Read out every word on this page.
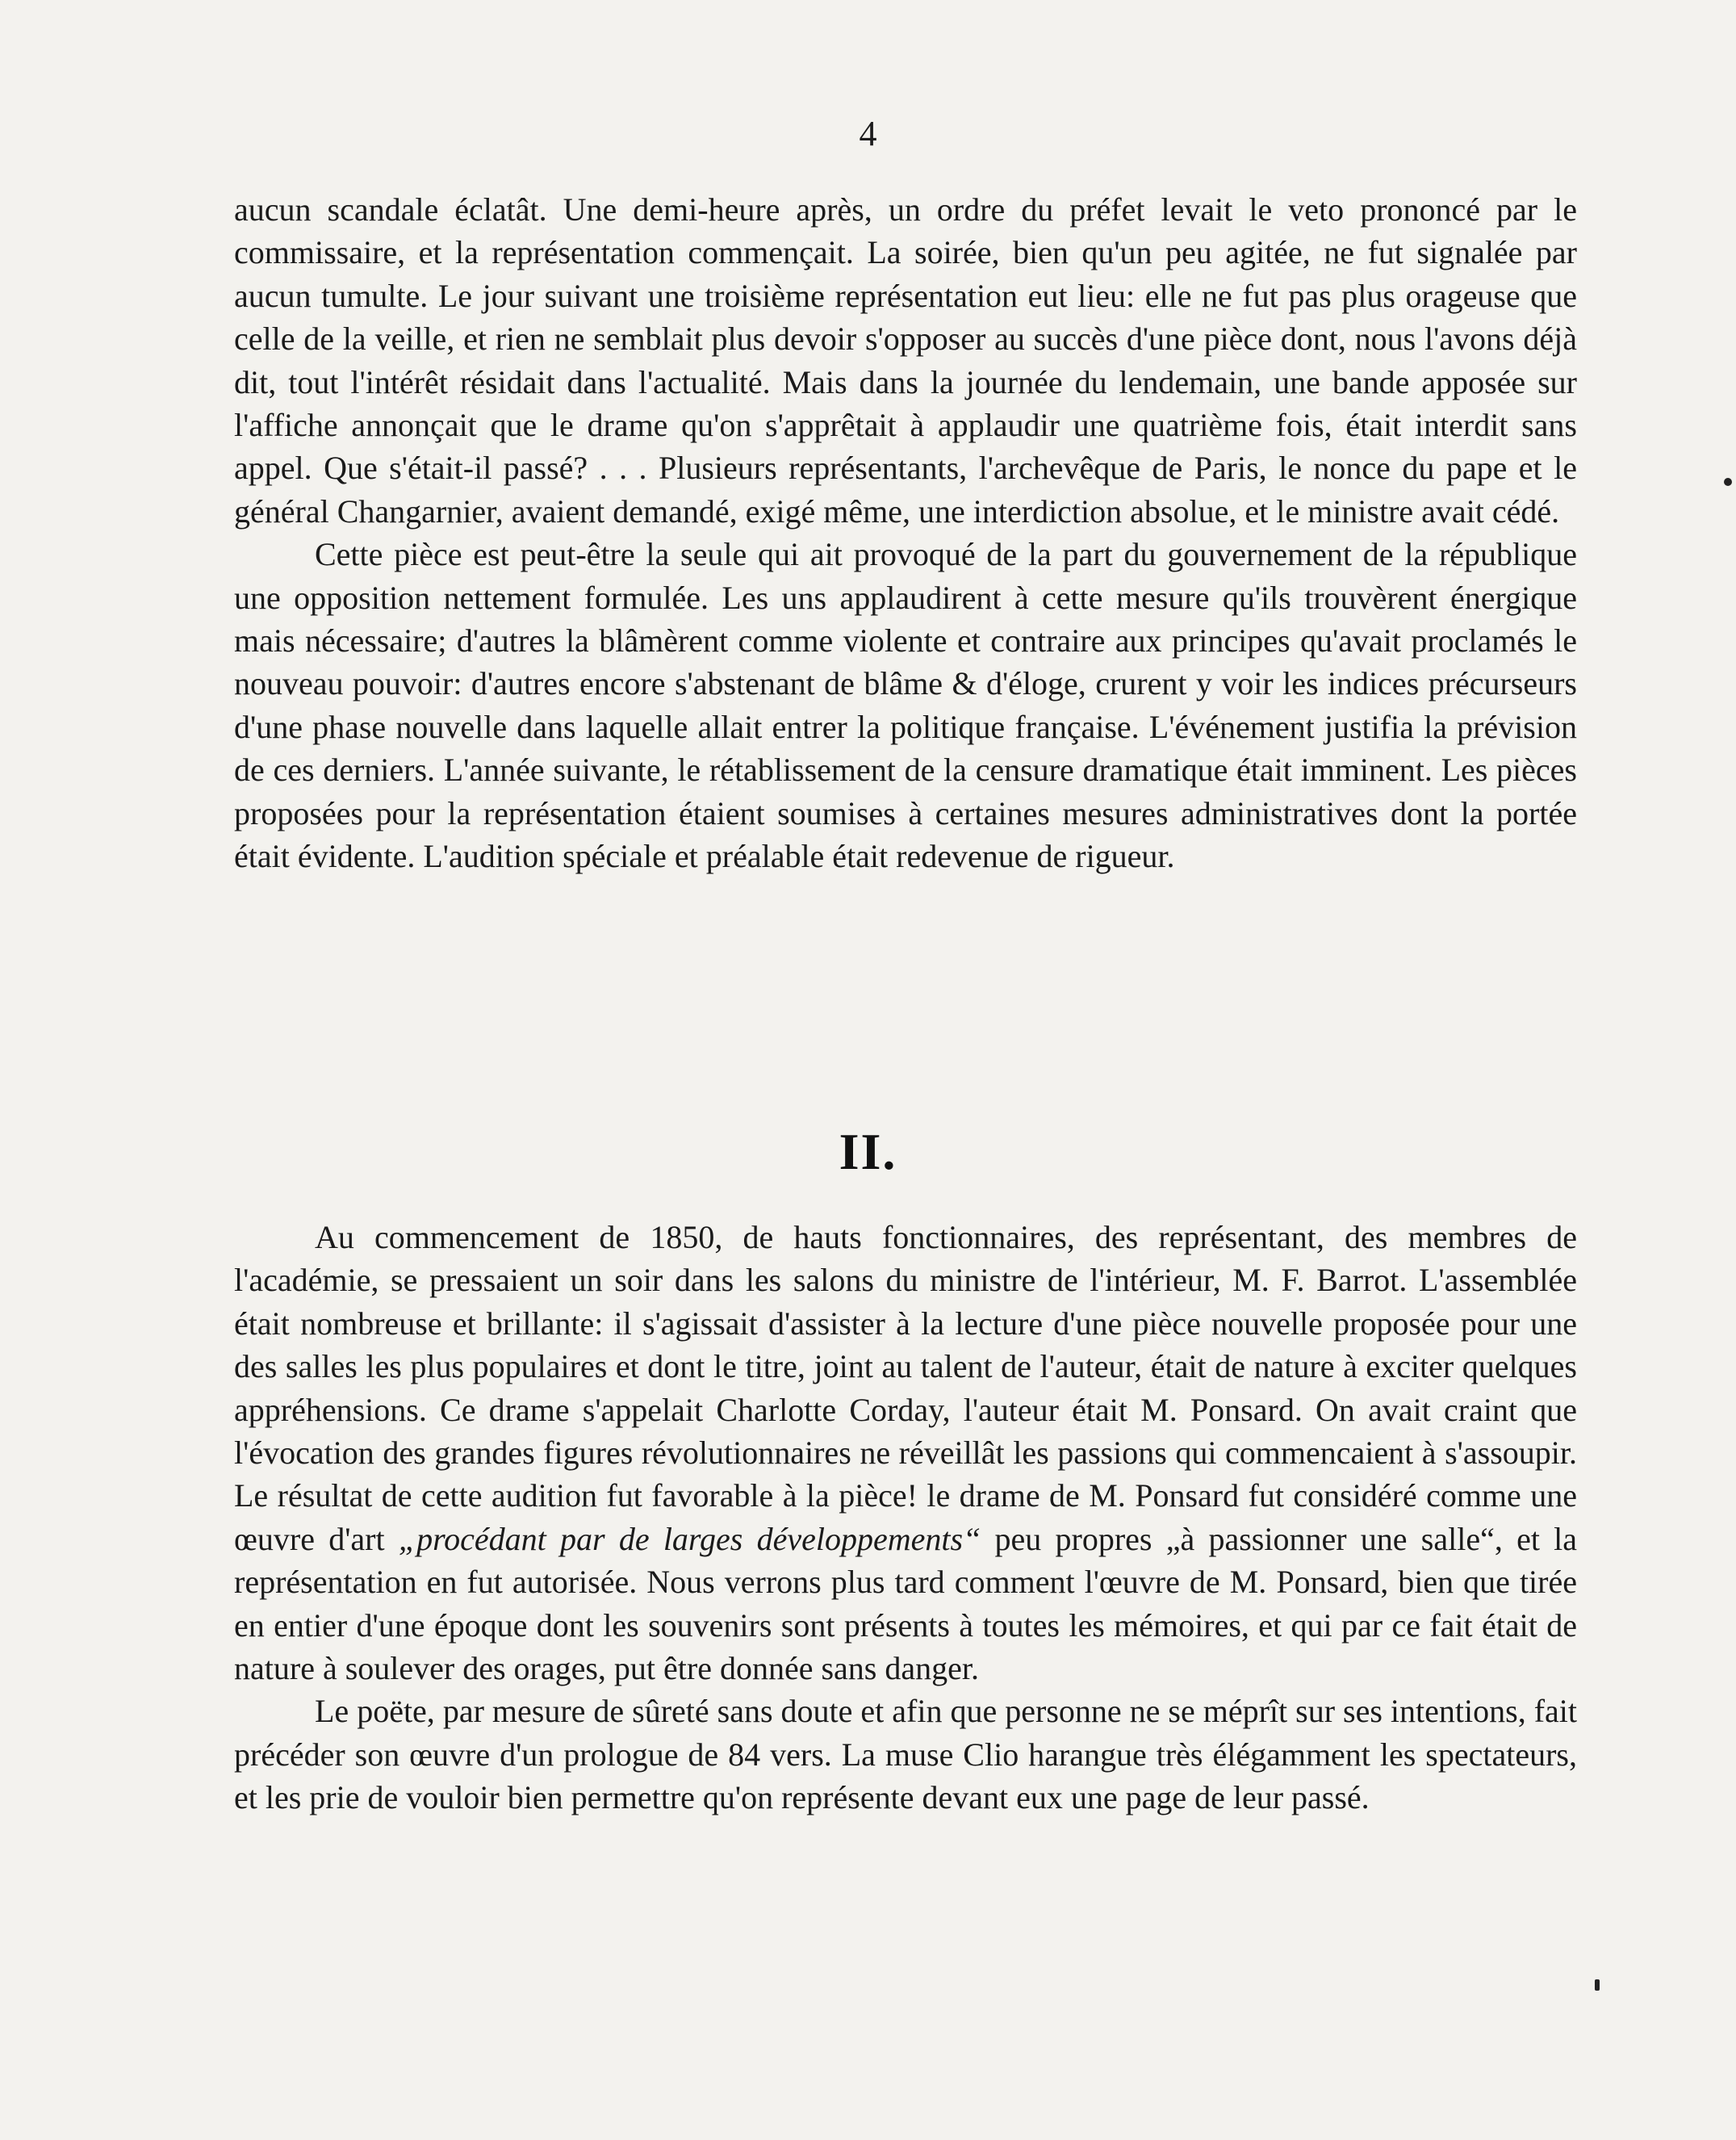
4

aucun scandale éclatât. Une demi-heure après, un ordre du préfet levait le veto prononcé par le commissaire, et la représentation commençait. La soirée, bien qu'un peu agitée, ne fut signalée par aucun tumulte. Le jour suivant une troisième représentation eut lieu: elle ne fut pas plus orageuse que celle de la veille, et rien ne semblait plus devoir s'opposer au succès d'une pièce dont, nous l'avons déjà dit, tout l'intérêt résidait dans l'actualité. Mais dans la journée du lendemain, une bande apposée sur l'affiche annonçait que le drame qu'on s'apprêtait à applaudir une quatrième fois, était interdit sans appel. Que s'était-il passé? . . . Plusieurs représentants, l'archevêque de Paris, le nonce du pape et le général Changarnier, avaient demandé, exigé même, une interdiction absolue, et le ministre avait cédé.

Cette pièce est peut-être la seule qui ait provoqué de la part du gouvernement de la république une opposition nettement formulée. Les uns applaudirent à cette mesure qu'ils trouvèrent énergique mais nécessaire; d'autres la blâmèrent comme violente et contraire aux principes qu'avait proclamés le nouveau pouvoir: d'autres encore s'abstenant de blâme & d'éloge, crurent y voir les indices précurseurs d'une phase nouvelle dans laquelle allait entrer la politique française. L'événement justifia la prévision de ces derniers. L'année suivante, le rétablissement de la censure dramatique était imminent. Les pièces proposées pour la représentation étaient soumises à certaines mesures administratives dont la portée était évidente. L'audition spéciale et préalable était redevenue de rigueur.

II.

Au commencement de 1850, de hauts fonctionnaires, des représentant, des membres de l'académie, se pressaient un soir dans les salons du ministre de l'intérieur, M. F. Barrot. L'assemblée était nombreuse et brillante: il s'agissait d'assister à la lecture d'une pièce nouvelle proposée pour une des salles les plus populaires et dont le titre, joint au talent de l'auteur, était de nature à exciter quelques appréhensions. Ce drame s'appelait Charlotte Corday, l'auteur était M. Ponsard. On avait craint que l'évocation des grandes figures révolutionnaires ne réveillât les passions qui commencaient à s'assoupir. Le résultat de cette audition fut favorable à la pièce! le drame de M. Ponsard fut considéré comme une œuvre d'art „procédant par de larges développements“ peu propres „à passionner une salle“, et la représentation en fut autorisée. Nous verrons plus tard comment l'œuvre de M. Ponsard, bien que tirée en entier d'une époque dont les souvenirs sont présents à toutes les mémoires, et qui par ce fait était de nature à soulever des orages, put être donnée sans danger.

Le poëte, par mesure de sûreté sans doute et afin que personne ne se méprît sur ses intentions, fait précéder son œuvre d'un prologue de 84 vers. La muse Clio harangue très élégamment les spectateurs, et les prie de vouloir bien permettre qu'on représente devant eux une page de leur passé.
